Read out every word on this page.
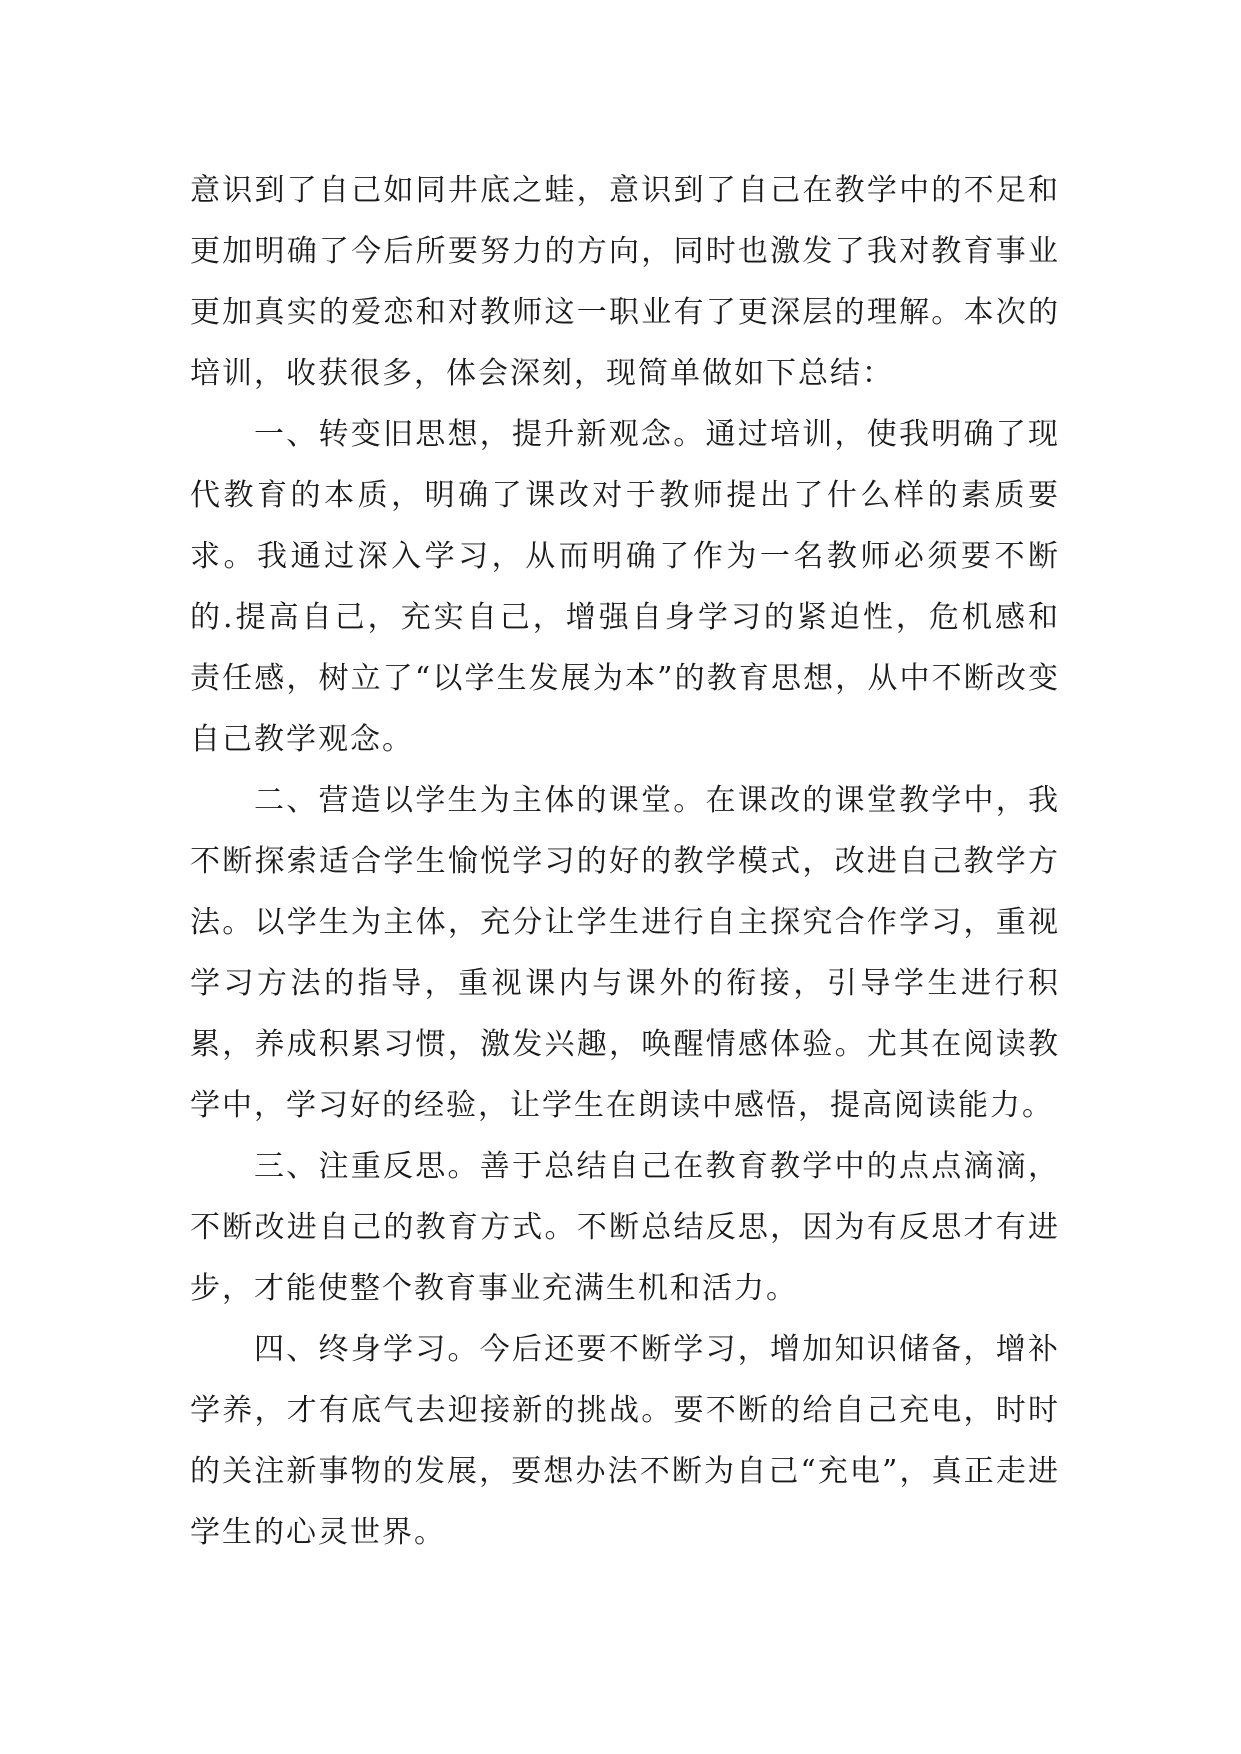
意识到了自己如同井底之蛙，意识到了自己在教学中的不足和更加明确了今后所要努力的方向，同时也激发了我对教育事业更加真实的爱恋和对教师这一职业有了更深层的理解。本次的培训，收获很多，体会深刻，现简单做如下总结：

一、转变旧思想，提升新观念。通过培训，使我明确了现代教育的本质，明确了课改对于教师提出了什么样的素质要求。我通过深入学习，从而明确了作为一名教师必须要不断的.提高自己，充实自己，增强自身学习的紧迫性，危机感和责任感，树立了“以学生发展为本”的教育思想，从中不断改变自己教学观念。

二、营造以学生为主体的课堂。在课改的课堂教学中，我不断探索适合学生愉悦学习的好的教学模式，改进自己教学方法。以学生为主体，充分让学生进行自主探究合作学习，重视学习方法的指导，重视课内与课外的衔接，引导学生进行积累，养成积累习惯，激发兴趣，唤醒情感体验。尤其在阅读教学中，学习好的经验，让学生在朗读中感悟，提高阅读能力。

三、注重反思。善于总结自己在教育教学中的点点滴滴，不断改进自己的教育方式。不断总结反思，因为有反思才有进步，才能使整个教育事业充满生机和活力。

四、终身学习。今后还要不断学习，增加知识储备，增补学养，才有底气去迎接新的挑战。要不断的给自己充电，时时的关注新事物的发展，要想办法不断为自己“充电”，真正走进学生的心灵世界。
